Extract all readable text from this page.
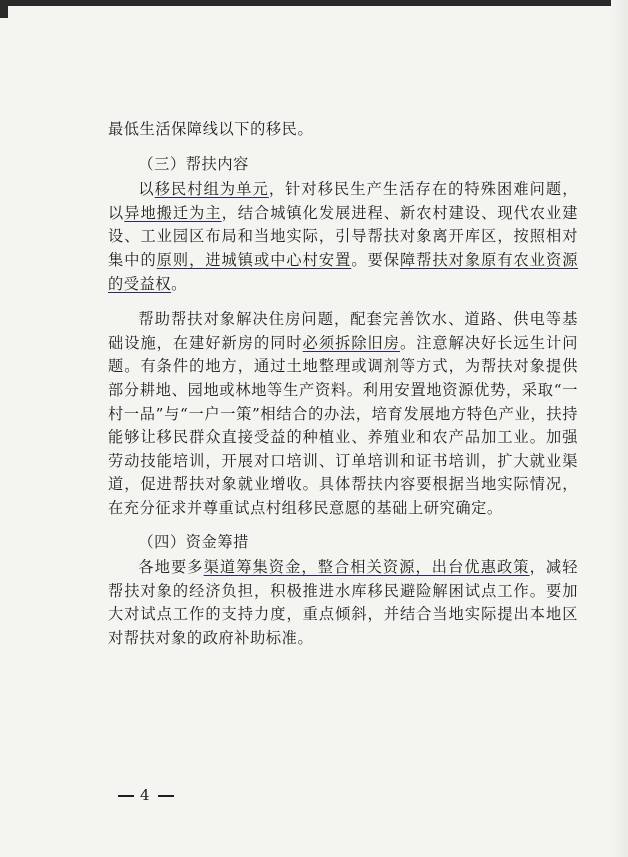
最低生活保障线以下的移民。

（三）帮扶内容

以移民村组为单元，针对移民生产生活存在的特殊困难问题，以异地搬迁为主，结合城镇化发展进程、新农村建设、现代农业建设、工业园区布局和当地实际，引导帮扶对象离开库区，按照相对集中的原则，进城镇或中心村安置。要保障帮扶对象原有农业资源的受益权。

帮助帮扶对象解决住房问题，配套完善饮水、道路、供电等基础设施，在建好新房的同时必须拆除旧房。注意解决好长远生计问题。有条件的地方，通过土地整理或调剂等方式，为帮扶对象提供部分耕地、园地或林地等生产资料。利用安置地资源优势，采取“一村一品”与“一户一策”相结合的办法，培育发展地方特色产业，扶持能够让移民群众直接受益的种植业、养殖业和农产品加工业。加强劳动技能培训，开展对口培训、订单培训和证书培训，扩大就业渠道，促进帮扶对象就业增收。具体帮扶内容要根据当地实际情况，在充分征求并尊重试点村组移民意愿的基础上研究确定。

（四）资金筹措

各地要多渠道筹集资金，整合相关资源，出台优惠政策，减轻帮扶对象的经济负担，积极推进水库移民避险解困试点工作。要加大对试点工作的支持力度，重点倾斜，并结合当地实际提出本地区对帮扶对象的政府补助标准。

4
